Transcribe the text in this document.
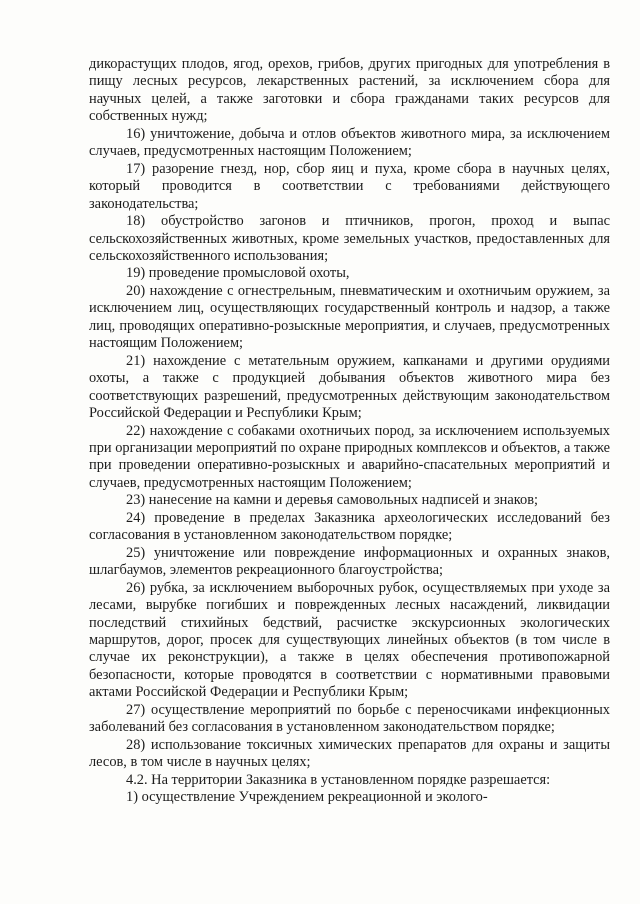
дикорастущих плодов, ягод, орехов, грибов, других пригодных для употребления в пищу лесных ресурсов, лекарственных растений, за исключением сбора для научных целей, а также заготовки и сбора гражданами таких ресурсов для собственных нужд;

16) уничтожение, добыча и отлов объектов животного мира, за исключением случаев, предусмотренных настоящим Положением;

17) разорение гнезд, нор, сбор яиц и пуха, кроме сбора в научных целях, который проводится в соответствии с требованиями действующего законодательства;

18) обустройство загонов и птичников, прогон, проход и выпас сельскохозяйственных животных, кроме земельных участков, предоставленных для сельскохозяйственного использования;

19) проведение промысловой охоты,

20) нахождение с огнестрельным, пневматическим и охотничьим оружием, за исключением лиц, осуществляющих государственный контроль и надзор, а также лиц, проводящих оперативно-розыскные мероприятия, и случаев, предусмотренных настоящим Положением;

21) нахождение с метательным оружием, капканами и другими орудиями охоты, а также с продукцией добывания объектов животного мира без соответствующих разрешений, предусмотренных действующим законодательством Российской Федерации и Республики Крым;

22) нахождение с собаками охотничьих пород, за исключением используемых при организации мероприятий по охране природных комплексов и объектов, а также при проведении оперативно-розыскных и аварийно-спасательных мероприятий и случаев, предусмотренных настоящим Положением;

23) нанесение на камни и деревья самовольных надписей и знаков;

24) проведение в пределах Заказника археологических исследований без согласования в установленном законодательством порядке;

25) уничтожение или повреждение информационных и охранных знаков, шлагбаумов, элементов рекреационного благоустройства;

26) рубка, за исключением выборочных рубок, осуществляемых при уходе за лесами, вырубке погибших и поврежденных лесных насаждений, ликвидации последствий стихийных бедствий, расчистке экскурсионных экологических маршрутов, дорог, просек для существующих линейных объектов (в том числе в случае их реконструкции), а также в целях обеспечения противопожарной безопасности, которые проводятся в соответствии с нормативными правовыми актами Российской Федерации и Республики Крым;

27) осуществление мероприятий по борьбе с переносчиками инфекционных заболеваний без согласования в установленном законодательством порядке;

28) использование токсичных химических препаратов для охраны и защиты лесов, в том числе в научных целях;

4.2. На территории Заказника в установленном порядке разрешается:

1) осуществление Учреждением рекреационной и эколого-
